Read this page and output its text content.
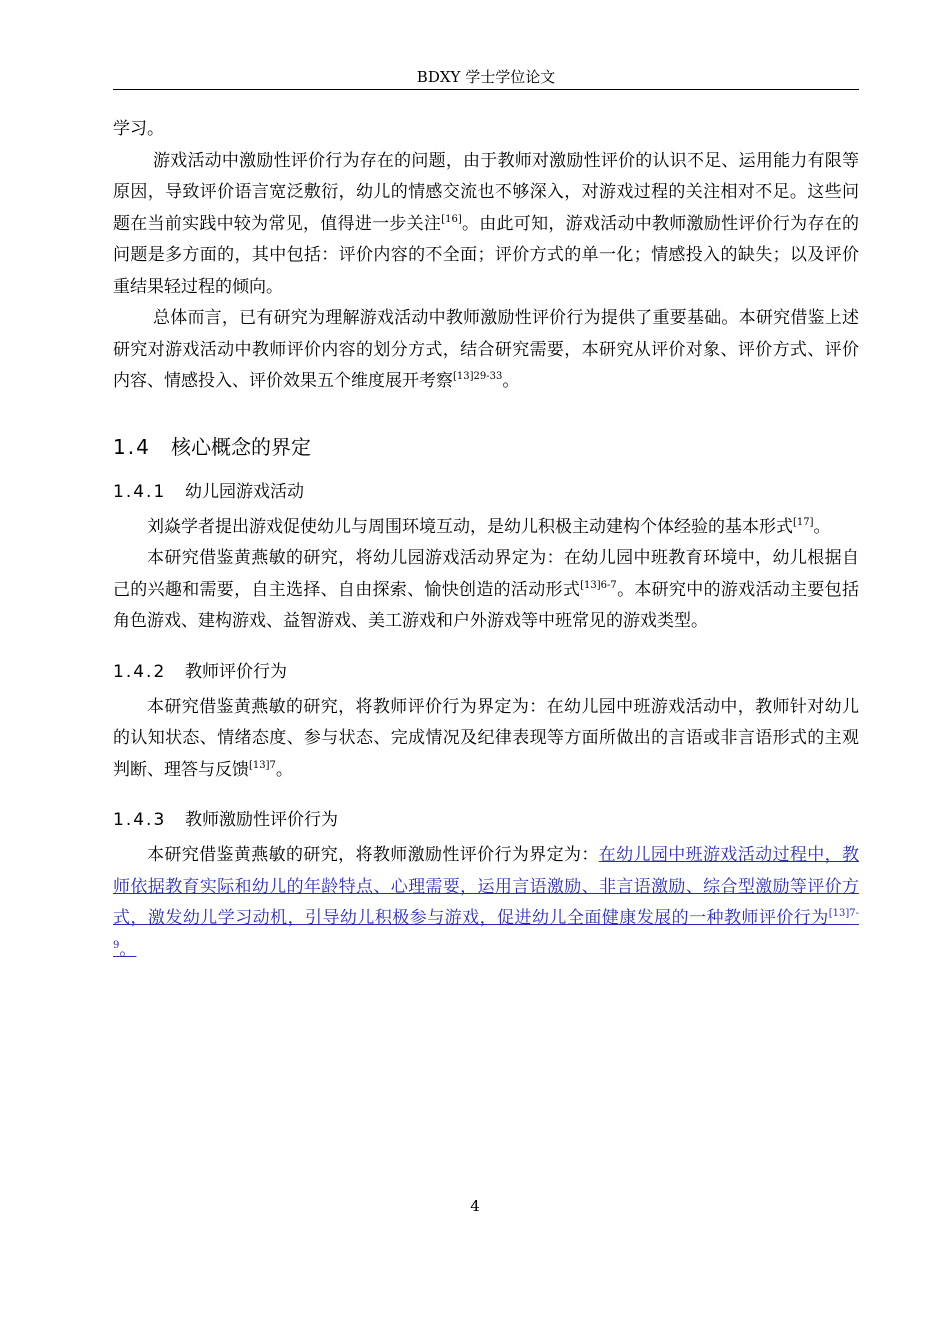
BDXY 学士学位论文

学习。

游戏活动中激励性评价行为存在的问题，由于教师对激励性评价的认识不足、运用能力有限等原因，导致评价语言宽泛敷衍，幼儿的情感交流也不够深入，对游戏过程的关注相对不足。这些问题在当前实践中较为常见，值得进一步关注[16]。由此可知，游戏活动中教师激励性评价行为存在的问题是多方面的，其中包括：评价内容的不全面；评价方式的单一化；情感投入的缺失；以及评价重结果轻过程的倾向。

总体而言，已有研究为理解游戏活动中教师激励性评价行为提供了重要基础。本研究借鉴上述研究对游戏活动中教师评价内容的划分方式，结合研究需要，本研究从评价对象、评价方式、评价内容、情感投入、评价效果五个维度展开考察$^{[13]29-33}$。

1.4 核心概念的界定
1.4.1 幼儿园游戏活动

刘焱学者提出游戏促使幼儿与周围环境互动，是幼儿积极主动建构个体经验的基本形式[17]。

本研究借鉴黄燕敏的研究，将幼儿园游戏活动界定为：在幼儿园中班教育环境中，幼儿根据自己的兴趣和需要，自主选择、自由探索、愉快创造的活动形式$^{[13]6-7}$。本研究中的游戏活动主要包括角色游戏、建构游戏、益智游戏、美工游戏和户外游戏等中班常见的游戏类型。

1.4.2 教师评价行为

本研究借鉴黄燕敏的研究，将教师评价行为界定为：在幼儿园中班游戏活动中，教师针对幼儿的认知状态、情绪态度、参与状态、完成情况及纪律表现等方面所做出的言语或非言语形式的主观判断、理答与反馈$^{[13]7}$。

1.4.3 教师激励性评价行为

本研究借鉴黄燕敏的研究，将教师激励性评价行为界定为：在幼儿园中班游戏活动过程中，教师依据教育实际和幼儿的年龄特点、心理需要，运用言语激励、非言语激励、综合型激励等评价方式，激发幼儿学习动机，引导幼儿积极参与游戏，促进幼儿全面健康发展的一种教师评价行为$^{[13]7-9}$。

4
